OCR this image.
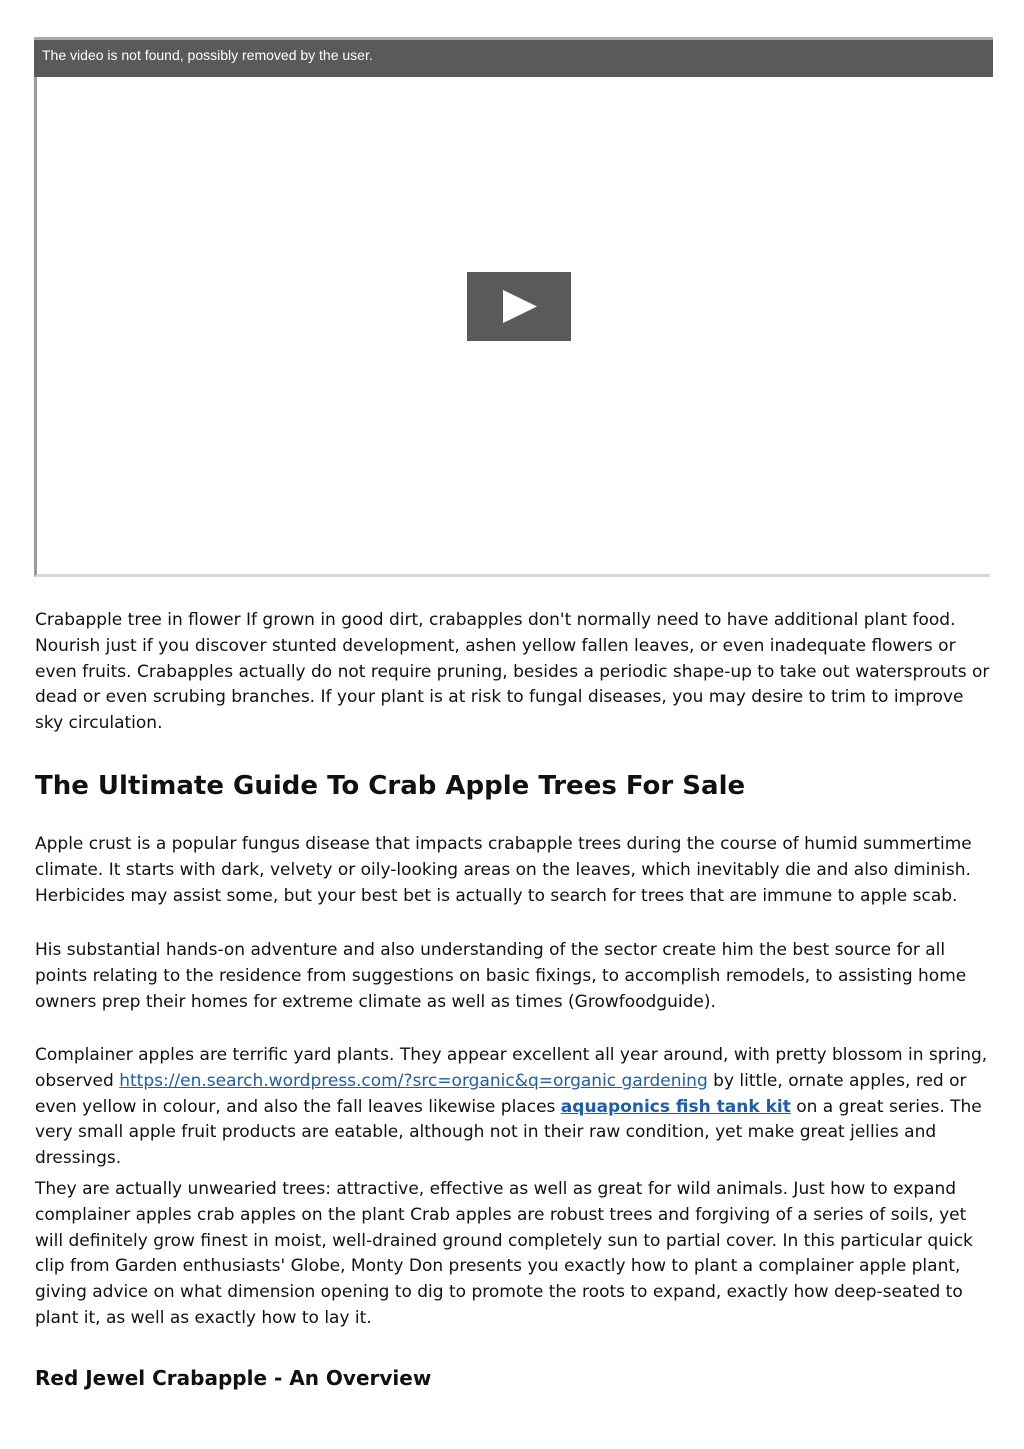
The video is not found, possibly removed by the user.

Crabapple tree in flower If grown in good dirt, crabapples don't normally need to have additional plant food. Nourish just if you discover stunted development, ashen yellow fallen leaves, or even inadequate flowers or even fruits. Crabapples actually do not require pruning, besides a periodic shape-up to take out watersprouts or dead or even scrubing branches. If your plant is at risk to fungal diseases, you may desire to trim to improve sky circulation.

The Ultimate Guide To Crab Apple Trees For Sale

Apple crust is a popular fungus disease that impacts crabapple trees during the course of humid summertime climate. It starts with dark, velvety or oily-looking areas on the leaves, which inevitably die and also diminish. Herbicides may assist some, but your best bet is actually to search for trees that are immune to apple scab.

His substantial hands-on adventure and also understanding of the sector create him the best source for all points relating to the residence from suggestions on basic fixings, to accomplish remodels, to assisting home owners prep their homes for extreme climate as well as times (Growfoodguide).

Complainer apples are terrific yard plants. They appear excellent all year around, with pretty blossom in spring, observed https://en.search.wordpress.com/?src=organic&q=organic gardening by little, ornate apples, red or even yellow in colour, and also the fall leaves likewise places aquaponics fish tank kit on a great series. The very small apple fruit products are eatable, although not in their raw condition, yet make great jellies and dressings.

They are actually unwearied trees: attractive, effective as well as great for wild animals. Just how to expand complainer apples crab apples on the plant Crab apples are robust trees and forgiving of a series of soils, yet will definitely grow finest in moist, well-drained ground completely sun to partial cover. In this particular quick clip from Garden enthusiasts' Globe, Monty Don presents you exactly how to plant a complainer apple plant, giving advice on what dimension opening to dig to promote the roots to expand, exactly how deep-seated to plant it, as well as exactly how to lay it.

Red Jewel Crabapple - An Overview
